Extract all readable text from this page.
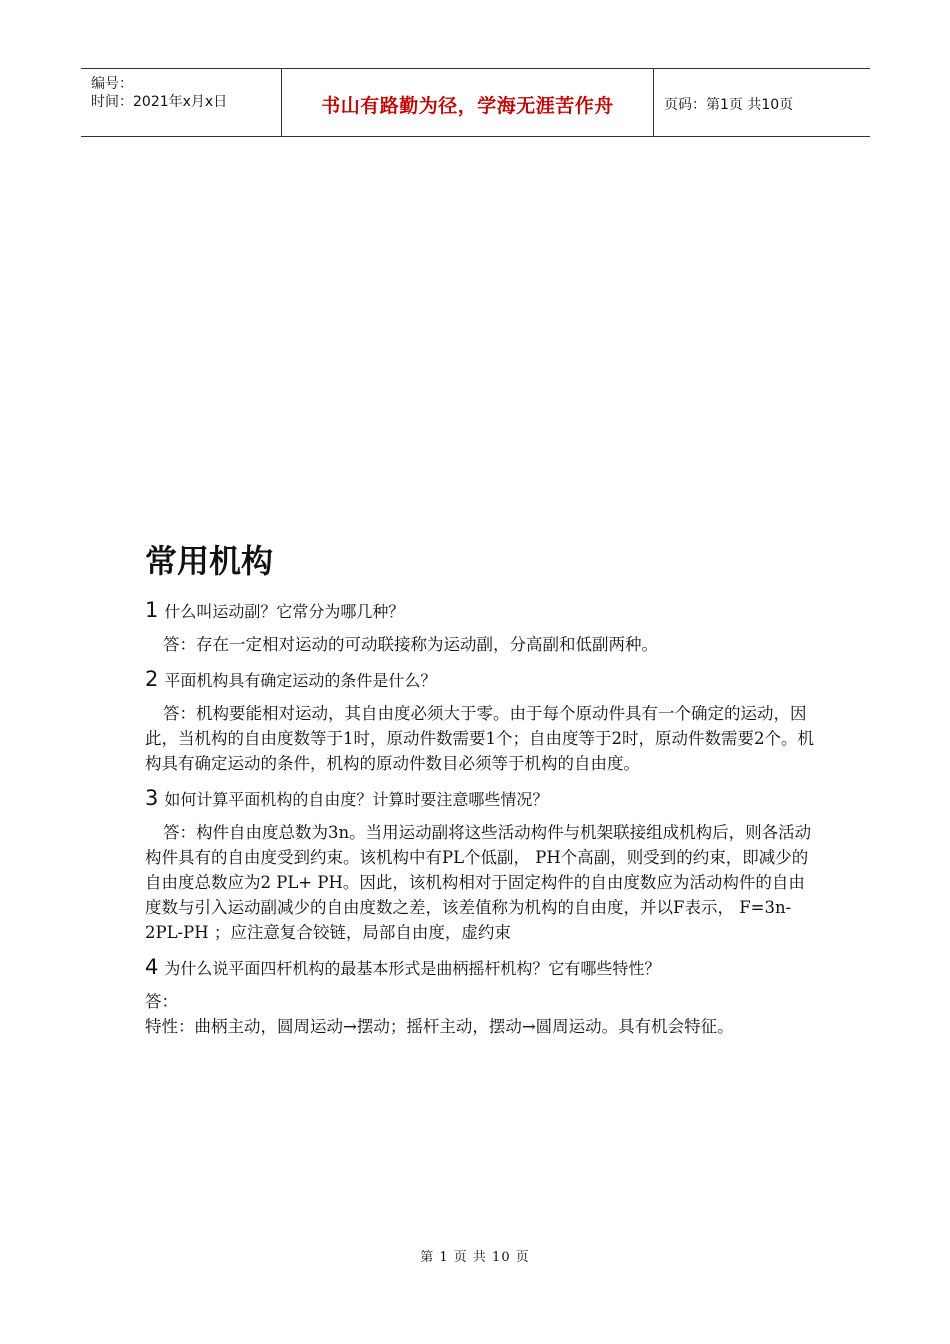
编号：
时间：2021年x月x日	书山有路勤为径，学海无涯苦作舟	页码：第1页 共10页
常用机构
1 什么叫运动副？它常分为哪几种？
答：存在一定相对运动的可动联接称为运动副，分高副和低副两种。
2 平面机构具有确定运动的条件是什么？
答：机构要能相对运动，其自由度必须大于零。由于每个原动件具有一个确定的运动，因此，当机构的自由度数等于1时，原动件数需要1个；自由度等于2时，原动件数需要2个。机构具有确定运动的条件，机构的原动件数目必须等于机构的自由度。
3 如何计算平面机构的自由度？计算时要注意哪些情况？
答：构件自由度总数为3n。当用运动副将这些活动构件与机架联接组成机构后，则各活动构件具有的自由度受到约束。该机构中有PL个低副， PH个高副，则受到的约束，即减少的自由度总数应为2 PL+ PH。因此，该机构相对于固定构件的自由度数应为活动构件的自由度数与引入运动副减少的自由度数之差，该差值称为机构的自由度，并以F表示， F=3n-2PL-PH ；应注意复合铰链，局部自由度，虚约束
4 为什么说平面四杆机构的最基本形式是曲柄摇杆机构？它有哪些特性？
答：
特性：曲柄主动，圆周运动→摆动；摇杆主动，摆动→圆周运动。具有机会特征。
第 1 页 共 10 页
